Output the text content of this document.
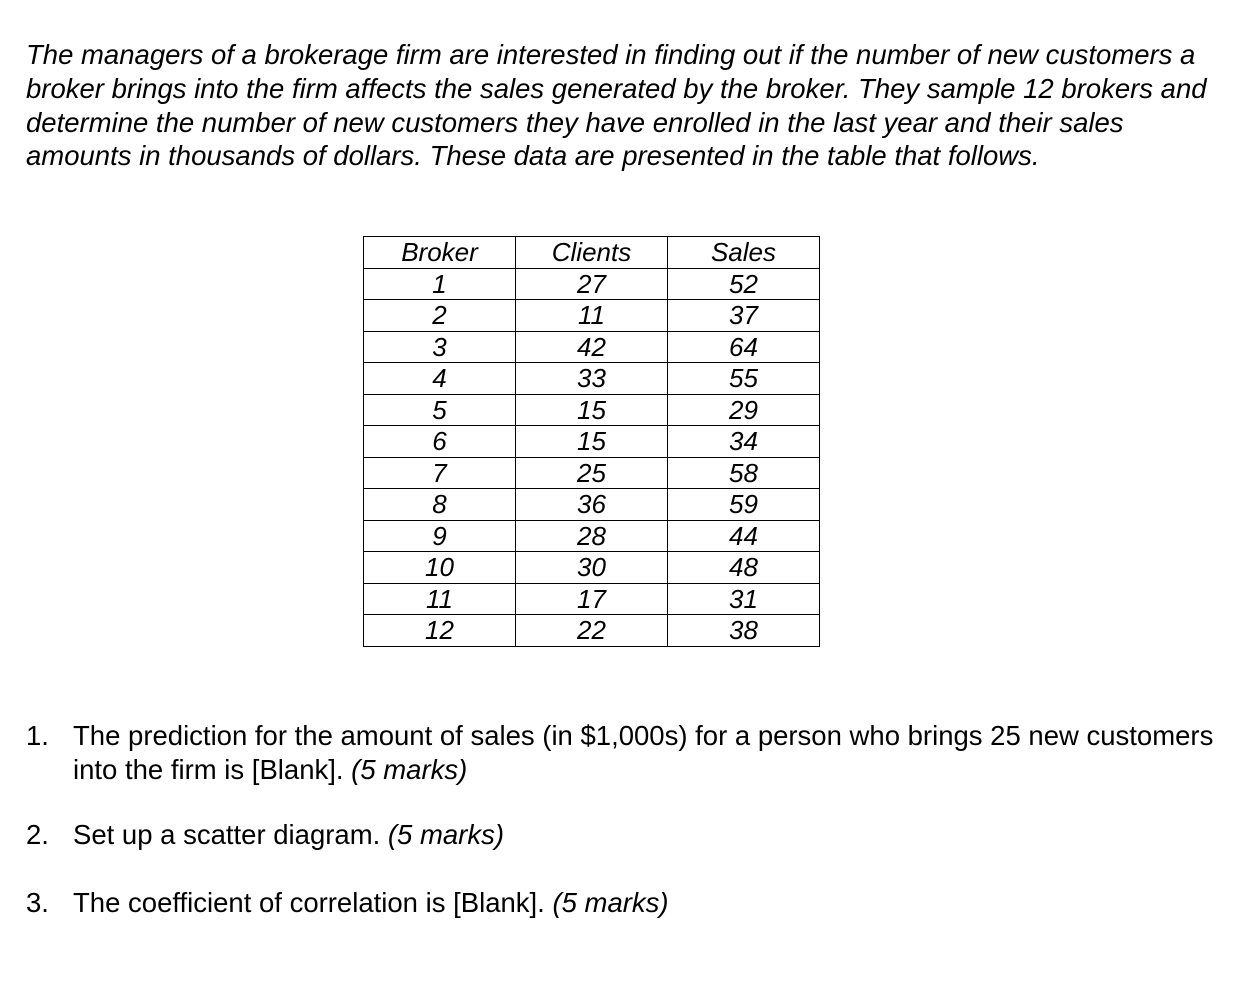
The managers of a brokerage firm are interested in finding out if the number of new customers a broker brings into the firm affects the sales generated by the broker. They sample 12 brokers and determine the number of new customers they have enrolled in the last year and their sales amounts in thousands of dollars. These data are presented in the table that follows.

Broker	Clients	Sales
1	27	52
2	11	37
3	42	64
4	33	55
5	15	29
6	15	34
7	25	58
8	36	59
9	28	44
10	30	48
11	17	31
12	22	38
1. The prediction for the amount of sales (in $1,000s) for a person who brings 25 new customers into the firm is [Blank]. (5 marks)
2. Set up a scatter diagram. (5 marks)
3. The coefficient of correlation is [Blank]. (5 marks)
